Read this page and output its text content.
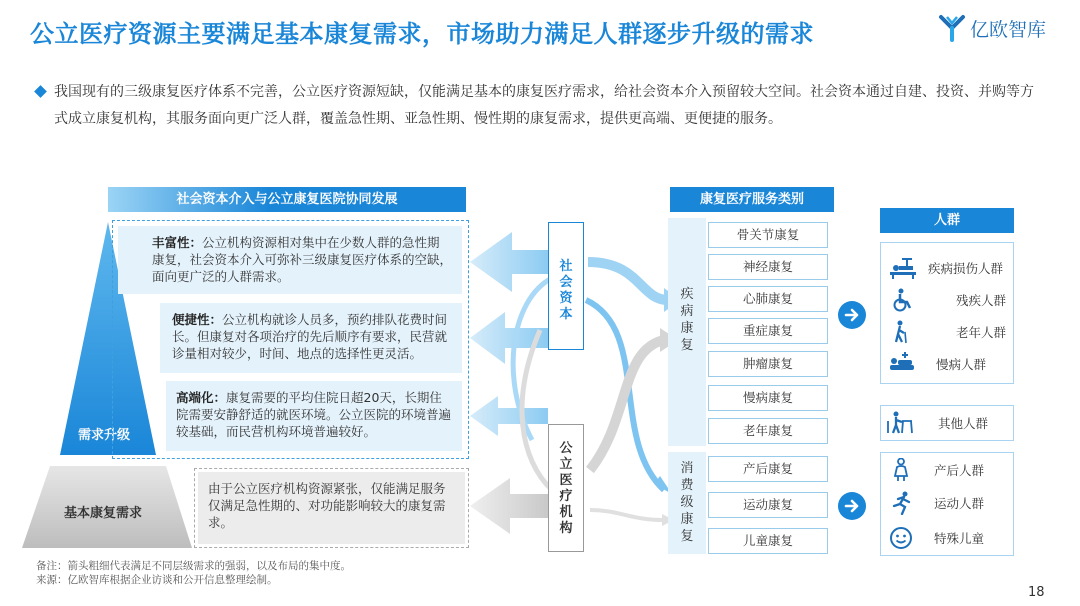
公立医疗资源主要满足基本康复需求，市场助力满足人群逐步升级的需求	亿欧智库

我国现有的三级康复医疗体系不完善，公立医疗资源短缺，仅能满足基本的康复医疗需求，给社会资本介入预留较大空间。社会资本通过自建、投资、并购等方式成立康复机构，其服务面向更广泛人群，覆盖急性期、亚急性期、慢性期的康复需求，提供更高端、更便捷的服务。

社会资本介入与公立康复医院协同发展
需求升级
基本康复需求
丰富性：公立机构资源相对集中在少数人群的急性期康复，社会资本介入可弥补三级康复医疗体系的空缺，面向更广泛的人群需求。
便捷性：公立机构就诊人员多，预约排队花费时间长。但康复对各项治疗的先后顺序有要求，民营就诊量相对较少，时间、地点的选择性更灵活。
高端化：康复需要的平均住院日超20天，长期住院需要安静舒适的就医环境。公立医院的环境普遍较基础，而民营机构环境普遍较好。
由于公立医疗机构资源紧张，仅能满足服务仅满足急性期的、对功能影响较大的康复需求。
社会资本
公立医疗机构
康复医疗服务类别
疾病康复
消费级康复
骨关节康复
神经康复
心肺康复
重症康复
肿瘤康复
慢病康复
老年康复
产后康复
运动康复
儿童康复
人群
疾病损伤人群
残疾人群
老年人群
慢病人群
其他人群
产后人群
运动人群
特殊儿童
备注：箭头粗细代表满足不同层级需求的强弱，以及布局的集中度。
来源：亿欧智库根据企业访谈和公开信息整理绘制。
18
